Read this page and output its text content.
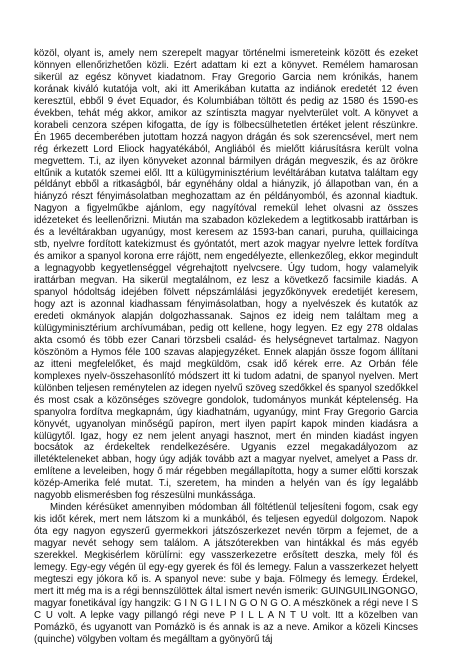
közöl, olyant is, amely nem szerepelt magyar történelmi ismereteink között és ezeket könnyen ellenőrizhetően közli. Ezért adattam ki ezt a könyvet. Remélem hamarosan sikerül az egész könyvet kiadatnom. Fray Gregorio Garcia nem krónikás, hanem korának kiváló kutatója volt, aki itt Amerikában kutatta az indiánok eredetét 12 éven keresztül, ebből 9 évet Equador, és Kolumbiában töltött és pedig az 1580 és 1590-es években, tehát még akkor, amikor az színtiszta magyar nyelvterület volt. A könyvet a korabeli cenzora szépen kifogatta, de így is fölbecsülhetetlen értéket jelent részünkre. Én 1965 decemberében jutottam hozzá nagyon drágán és sok szerencsével, mert nem rég érkezett Lord Eliock hagyatékából, Angliából és mielőtt kiárusításra került volna megvettem. T.i, az ilyen könyveket azonnal bármilyen drágán megveszik, és az örökre eltűnik a kutatók szemei elől. Itt a külügyminisztérium levéltárában kutatva találtam egy példányt ebből a ritkaságból, bár egynéhány oldal a hiányzik, jó állapotban van, én a hiányzó részt fényimásolatban meghozattam az én példányomból, és azonnal kiadtuk. Nagyon a figyelműkbe ajánlom, egy nagyítóval remekül lehet olvasni az összes idézeteket és leellenőrizni. Miután ma szabadon közlekedem a legtitkosabb irattárban is és a levéltárakban ugyanúgy, most keresem az 1593-ban canari, puruha, quillaicinga stb, nyelvre fordított katekizmust és gyóntatót, mert azok magyar nyelvre lettek fordítva és amikor a spanyol korona erre rájött, nem engedélyezte, ellenkezőleg, ekkor megindult a legnagyobb kegyetlenséggel végrehajtott nyelvcsere. Úgy tudom, hogy valamelyik irattárban megvan. Ha sikerül megtalálnom, ez lesz a következő facsimile kiadás. A spanyol hódoltság idejében fölvett népszámlálási jegyzőkönyvek eredetijét keresem, hogy azt is azonnal kiadhassam fényimásolatban, hogy a nyelvészek és kutatók az eredeti okmányok alapján dolgozhassanak. Sajnos ez ideig nem találtam meg a külügyminisztérium archívumában, pedig ott kellene, hogy legyen. Ez egy 278 oldalas akta csomó és több ezer Canari törzsbeli család- és helységnevet tartalmaz. Nagyon köszönöm a Hymos féle 100 szavas alapjegyzéket. Ennek alapján össze fogom állítani az itteni megfelelőket, és majd megküldöm, csak idő kérek erre. Az Orbán féle komplexes nyelv-összehasonlító módszert itt ki tudom adatni, de spanyol nyelven. Mert különben teljesen reménytelen az idegen nyelvű szöveg szedőkkel és spanyol szedőkkel és most csak a közönséges szövegre gondolok, tudományos munkát képtelenség. Ha spanyolra fordítva megkapnám, úgy kiadhatnám, ugyanúgy, mint Fray Gregorio Garcia könyvét, ugyanolyan minőségű papíron, mert ilyen papírt kapok minden kiadásra a külügytől. Igaz, hogy ez nem jelent anyagi hasznot, mert én minden kiadást ingyen bocsátok az érdekeltek rendelkezésére. Ugyanis ezzel megakadályozom az illetékteleneket abban, hogy úgy adják tovább azt a magyar nyelvet, amelyet a Pass dr. említene a leveleiben, hogy ő már régebben megállapította, hogy a sumer előtti korszak közép-Amerika felé mutat. T.i, szeretem, ha minden a helyén van és így legalább nagyobb elismerésben fog részesülni munkássága.

Minden kérésüket amennyiben módomban áll föltétlenül teljesíteni fogom, csak egy kis időt kérek, mert nem látszom ki a munkából, és teljesen egyedül dolgozom. Napok óta egy nagyon egyszerű gyermekkori játszószerkezet nevén törpm a fejemet, de a magyar nevét sehogy sem találom. A játszóterekben van hintákkal és más egyéb szerekkel. Megkisérlem körülírni: egy vasszerkezetre erősített deszka, mely föl és lemegy. Egy-egy végén ül egy-egy gyerek és föl és lemegy. Falun a vasszerkezet helyett megteszi egy jókora kő is. A spanyol neve: sube y baja. Fölmegy és lemegy. Érdekel, mert itt még ma is a régi bennszülöttek által ismert nevén ismerik: GUINGUILINGONGO, magyar fonetikával így hangzik: G I N G I L I N G O N G O. A mészkönek a régi neve I S C U volt. A lepke vagy pillangó régi neve P I L L A N T U volt. Itt a közelben van Pomázkö, és ugyanott van Pomázkö is és annak is az a neve. Amikor a közeli Kincses (quinche) völgyben voltam és megálltam a gyönyörű táj
